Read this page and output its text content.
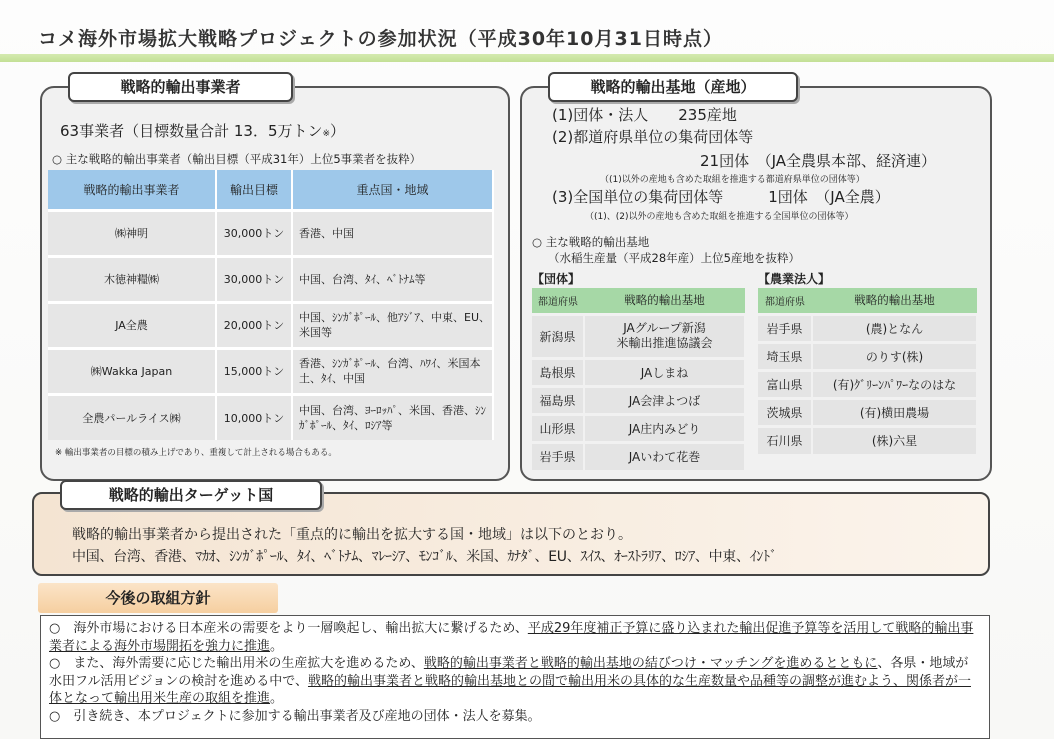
コメ海外市場拡大戦略プロジェクトの参加状況（平成30年10月31日時点）
戦略的輸出事業者
63事業者（目標数量合計 13．5万トン※）
○ 主な戦略的輸出事業者（輸出目標（平成31年）上位5事業者を抜粋）
戦略的輸出事業者	輸出目標	重点国・地域
㈱神明	30,000トン	香港、中国
木徳神糧㈱	30,000トン	中国、台湾、ﾀｲ、ﾍﾞﾄﾅﾑ等
JA全農	20,000トン	中国、ｼﾝｶﾞﾎﾟｰﾙ、他ｱｼﾞｱ、中東、EU、米国等
㈱Wakka Japan	15,000トン	香港、ｼﾝｶﾞﾎﾟｰﾙ、台湾、ﾊﾜｲ、米国本土、ﾀｲ、中国
全農パールライス㈱	10,000トン	中国、台湾、ﾖｰﾛｯﾊﾟ、米国、香港、ｼﾝｶﾞﾎﾟｰﾙ、ﾀｲ、ﾛｼｱ等
※ 輸出事業者の目標の積み上げであり、重複して計上される場合もある。
戦略的輸出基地（産地）
(1)団体・法人　　235産地
(2)都道府県単位の集荷団体等
21団体　（JA全農県本部、経済連）
（(1)以外の産地も含めた取組を推進する都道府県単位の団体等）
(3)全国単位の集荷団体等　　　1団体　（JA全農）
（(1)、(2)以外の産地も含めた取組を推進する全国単位の団体等）
○ 主な戦略的輸出基地
（水稲生産量（平成28年産）上位5産地を抜粋）
【団体】	【農業法人】
都道府県	戦略的輸出基地
新潟県	JAグループ新潟
米輸出推進協議会
島根県	JAしまね
福島県	JA会津よつば
山形県	JA庄内みどり
岩手県	JAいわて花巻
都道府県	戦略的輸出基地
岩手県	(農)となん
埼玉県	のりす(株)
富山県	(有)ｸﾞﾘｰﾝﾊﾟﾜｰなのはな
茨城県	(有)横田農場
石川県	(株)六星
戦略的輸出ターゲット国
戦略的輸出事業者から提出された「重点的に輸出を拡大する国・地域」は以下のとおり。
中国、台湾、香港、ﾏｶｵ、ｼﾝｶﾞﾎﾟｰﾙ、ﾀｲ、ﾍﾞﾄﾅﾑ、ﾏﾚｰｼｱ、ﾓﾝｺﾞﾙ、米国、ｶﾅﾀﾞ、EU、ｽｲｽ、ｵｰｽﾄﾗﾘｱ、ﾛｼｱ、中東、ｲﾝﾄﾞ
今後の取組方針
○　海外市場における日本産米の需要をより一層喚起し、輸出拡大に繋げるため、平成29年度補正予算に盛り込まれた輸出促進予算等を活用して戦略的輸出事業者による海外市場開拓を強力に推進。
○　また、海外需要に応じた輸出用米の生産拡大を進めるため、戦略的輸出事業者と戦略的輸出基地の結びつけ・マッチングを進めるとともに、各県・地域が水田フル活用ビジョンの検討を進める中で、戦略的輸出事業者と戦略的輸出基地との間で輸出用米の具体的な生産数量や品種等の調整が進むよう、関係者が一体となって輸出用米生産の取組を推進。
○　引き続き、本プロジェクトに参加する輸出事業者及び産地の団体・法人を募集。
